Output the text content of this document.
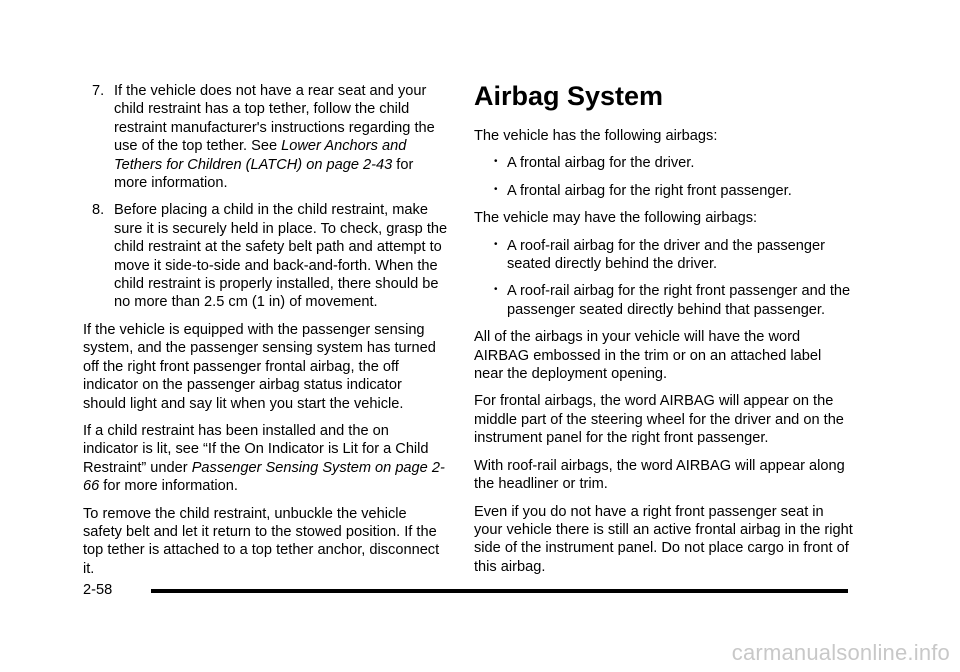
7. If the vehicle does not have a rear seat and your child restraint has a top tether, follow the child restraint manufacturer's instructions regarding the use of the top tether. See Lower Anchors and Tethers for Children (LATCH) on page 2-43 for more information.
8. Before placing a child in the child restraint, make sure it is securely held in place. To check, grasp the child restraint at the safety belt path and attempt to move it side-to-side and back-and-forth. When the child restraint is properly installed, there should be no more than 2.5 cm (1 in) of movement.

If the vehicle is equipped with the passenger sensing system, and the passenger sensing system has turned off the right front passenger frontal airbag, the off indicator on the passenger airbag status indicator should light and say lit when you start the vehicle.

If a child restraint has been installed and the on indicator is lit, see “If the On Indicator is Lit for a Child Restraint” under Passenger Sensing System on page 2-66 for more information.

To remove the child restraint, unbuckle the vehicle safety belt and let it return to the stowed position. If the top tether is attached to a top tether anchor, disconnect it.

Airbag System

The vehicle has the following airbags:

• A frontal airbag for the driver.
• A frontal airbag for the right front passenger.

The vehicle may have the following airbags:

• A roof-rail airbag for the driver and the passenger seated directly behind the driver.
• A roof-rail airbag for the right front passenger and the passenger seated directly behind that passenger.

All of the airbags in your vehicle will have the word AIRBAG embossed in the trim or on an attached label near the deployment opening.

For frontal airbags, the word AIRBAG will appear on the middle part of the steering wheel for the driver and on the instrument panel for the right front passenger.

With roof-rail airbags, the word AIRBAG will appear along the headliner or trim.

Even if you do not have a right front passenger seat in your vehicle there is still an active frontal airbag in the right side of the instrument panel. Do not place cargo in front of this airbag.

2-58
carmanualsonline.info
